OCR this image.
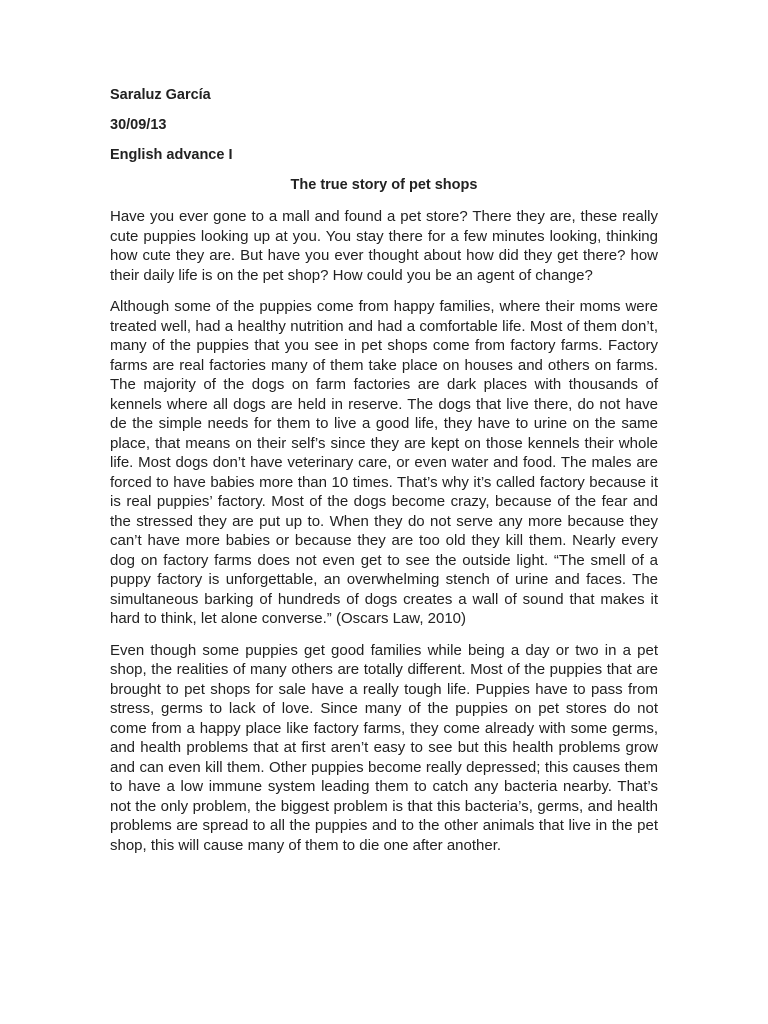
Saraluz García

30/09/13

English advance I

The true story of pet shops

Have you ever gone to a mall and found a pet store? There they are, these really cute puppies looking up at you. You stay there for a few minutes looking, thinking how cute they are. But have you ever thought about how did they get there? how their daily life is on the pet shop? How could you be an agent of change?

Although some of the puppies come from happy families, where their moms were treated well, had a healthy nutrition and had a comfortable life. Most of them don’t, many of the puppies that you see in pet shops come from factory farms. Factory farms are real factories many of them take place on houses and others on farms. The majority of the dogs on farm factories are dark places with thousands of kennels where all dogs are held in reserve. The dogs that live there, do not have de the simple needs for them to live a good life, they have to urine on the same place, that means on their self’s since they are kept on those kennels their whole life. Most dogs don’t have veterinary care, or even water and food. The males are forced to have babies more than 10 times. That’s why it’s called factory because it is real puppies’ factory. Most of the dogs become crazy, because of the fear and the stressed they are put up to. When they do not serve any more because they can’t have more babies or because they are too old they kill them. Nearly every dog on factory farms does not even get to see the outside light. “The smell of a puppy factory is unforgettable, an overwhelming stench of urine and faces. The simultaneous barking of hundreds of dogs creates a wall of sound that makes it hard to think, let alone converse.” (Oscars Law, 2010)

Even though some puppies get good families while being a day or two in a pet shop, the realities of many others are totally different. Most of the puppies that are brought to pet shops for sale have a really tough life. Puppies have to pass from stress, germs to lack of love. Since many of the puppies on pet stores do not come from a happy place like factory farms, they come already with some germs, and health problems that at first aren’t easy to see but this health problems grow and can even kill them. Other puppies become really depressed; this causes them to have a low immune system leading them to catch any bacteria nearby. That’s not the only problem, the biggest problem is that this bacteria’s, germs, and health problems are spread to all the puppies and to the other animals that live in the pet shop, this will cause many of them to die one after another.
